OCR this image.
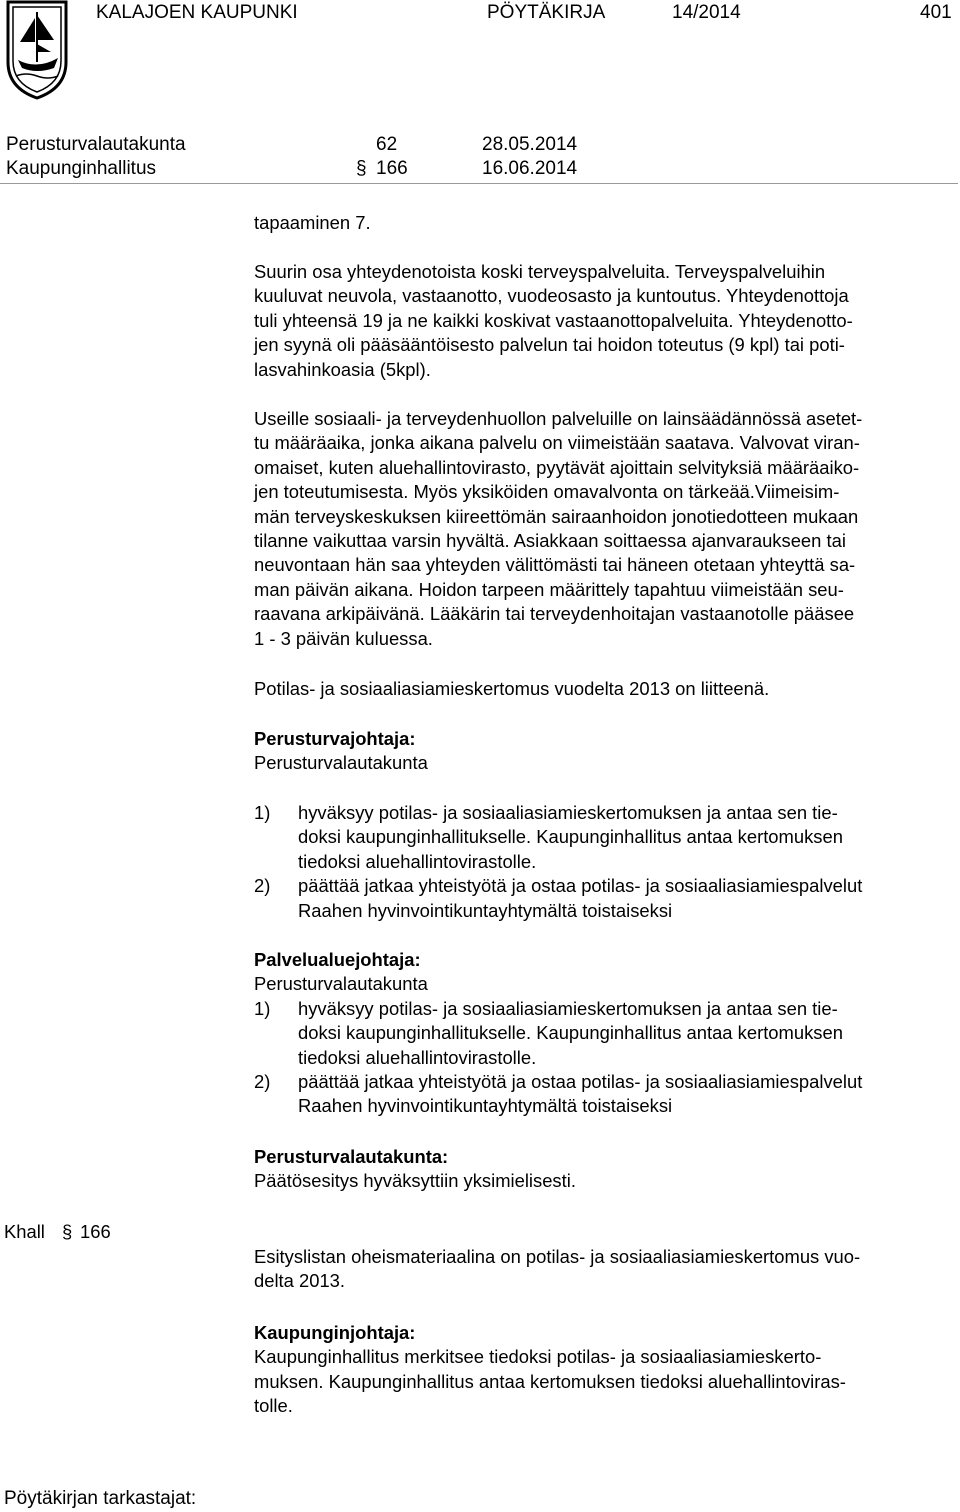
KALAJOEN KAUPUNKI	PÖYTÄKIRJA	14/2014	401
Perusturvalautakunta	62	28.05.2014
Kaupunginhallitus	§ 166	16.06.2014
tapaaminen 7.
Suurin osa yhteydenotoista koski terveyspalveluita. Terveyspalveluihin
kuuluvat neuvola, vastaanotto, vuodeosasto ja kuntoutus. Yhteydenottoja
tuli yhteensä 19 ja ne kaikki koskivat vastaanottopalveluita. Yhteydenotto-
jen syynä oli pääsääntöisesto palvelun tai hoidon toteutus (9 kpl) tai poti-
lasvahinkoasia (5kpl).
Useille sosiaali- ja terveydenhuollon palveluille on lainsäädännössä asetet-
tu määräaika, jonka aikana palvelu on viimeistään saatava. Valvovat viran-
omaiset, kuten aluehallintovirasto, pyytävät ajoittain selvityksiä määräaiko-
jen toteutumisesta. Myös yksiköiden omavalvonta on tärkeää.Viimeisim-
män terveyskeskuksen kiireettömän sairaanhoidon jonotiedotteen mukaan
tilanne vaikuttaa varsin hyvältä. Asiakkaan soittaessa ajanvaraukseen tai
neuvontaan hän saa yhteyden välittömästi tai häneen otetaan yhteyttä sa-
man päivän aikana. Hoidon tarpeen määrittely tapahtuu viimeistään seu-
raavana arkipäivänä. Lääkärin tai terveydenhoitajan vastaanotolle pääsee
1 - 3 päivän kuluessa.
Potilas- ja sosiaaliasiamieskertomus vuodelta 2013 on liitteenä.
Perusturvajohtaja:
Perusturvalautakunta
1)	hyväksyy potilas- ja sosiaaliasiamieskertomuksen ja antaa sen tie-
doksi kaupunginhallitukselle. Kaupunginhallitus antaa kertomuksen
tiedoksi aluehallintovirastolle.
2)	päättää jatkaa yhteistyötä ja ostaa potilas- ja sosiaaliasiamiespalvelut
Raahen hyvinvointikuntayhtymältä toistaiseksi
Palvelualuejohtaja:
Perusturvalautakunta
1)	hyväksyy potilas- ja sosiaaliasiamieskertomuksen ja antaa sen tie-
doksi kaupunginhallitukselle. Kaupunginhallitus antaa kertomuksen
tiedoksi aluehallintovirastolle.
2)	päättää jatkaa yhteistyötä ja ostaa potilas- ja sosiaaliasiamiespalvelut
Raahen hyvinvointikuntayhtymältä toistaiseksi
Perusturvalautakunta:
Päätösesitys hyväksyttiin yksimielisesti.
Khall § 166
Esityslistan oheismateriaalina on potilas- ja sosiaaliasiamieskertomus vuo-
delta 2013.
Kaupunginjohtaja:
Kaupunginhallitus merkitsee tiedoksi potilas- ja sosiaaliasiamieskerto-
muksen. Kaupunginhallitus antaa kertomuksen tiedoksi aluehallintoviras-
tolle.
Pöytäkirjan tarkastajat:
